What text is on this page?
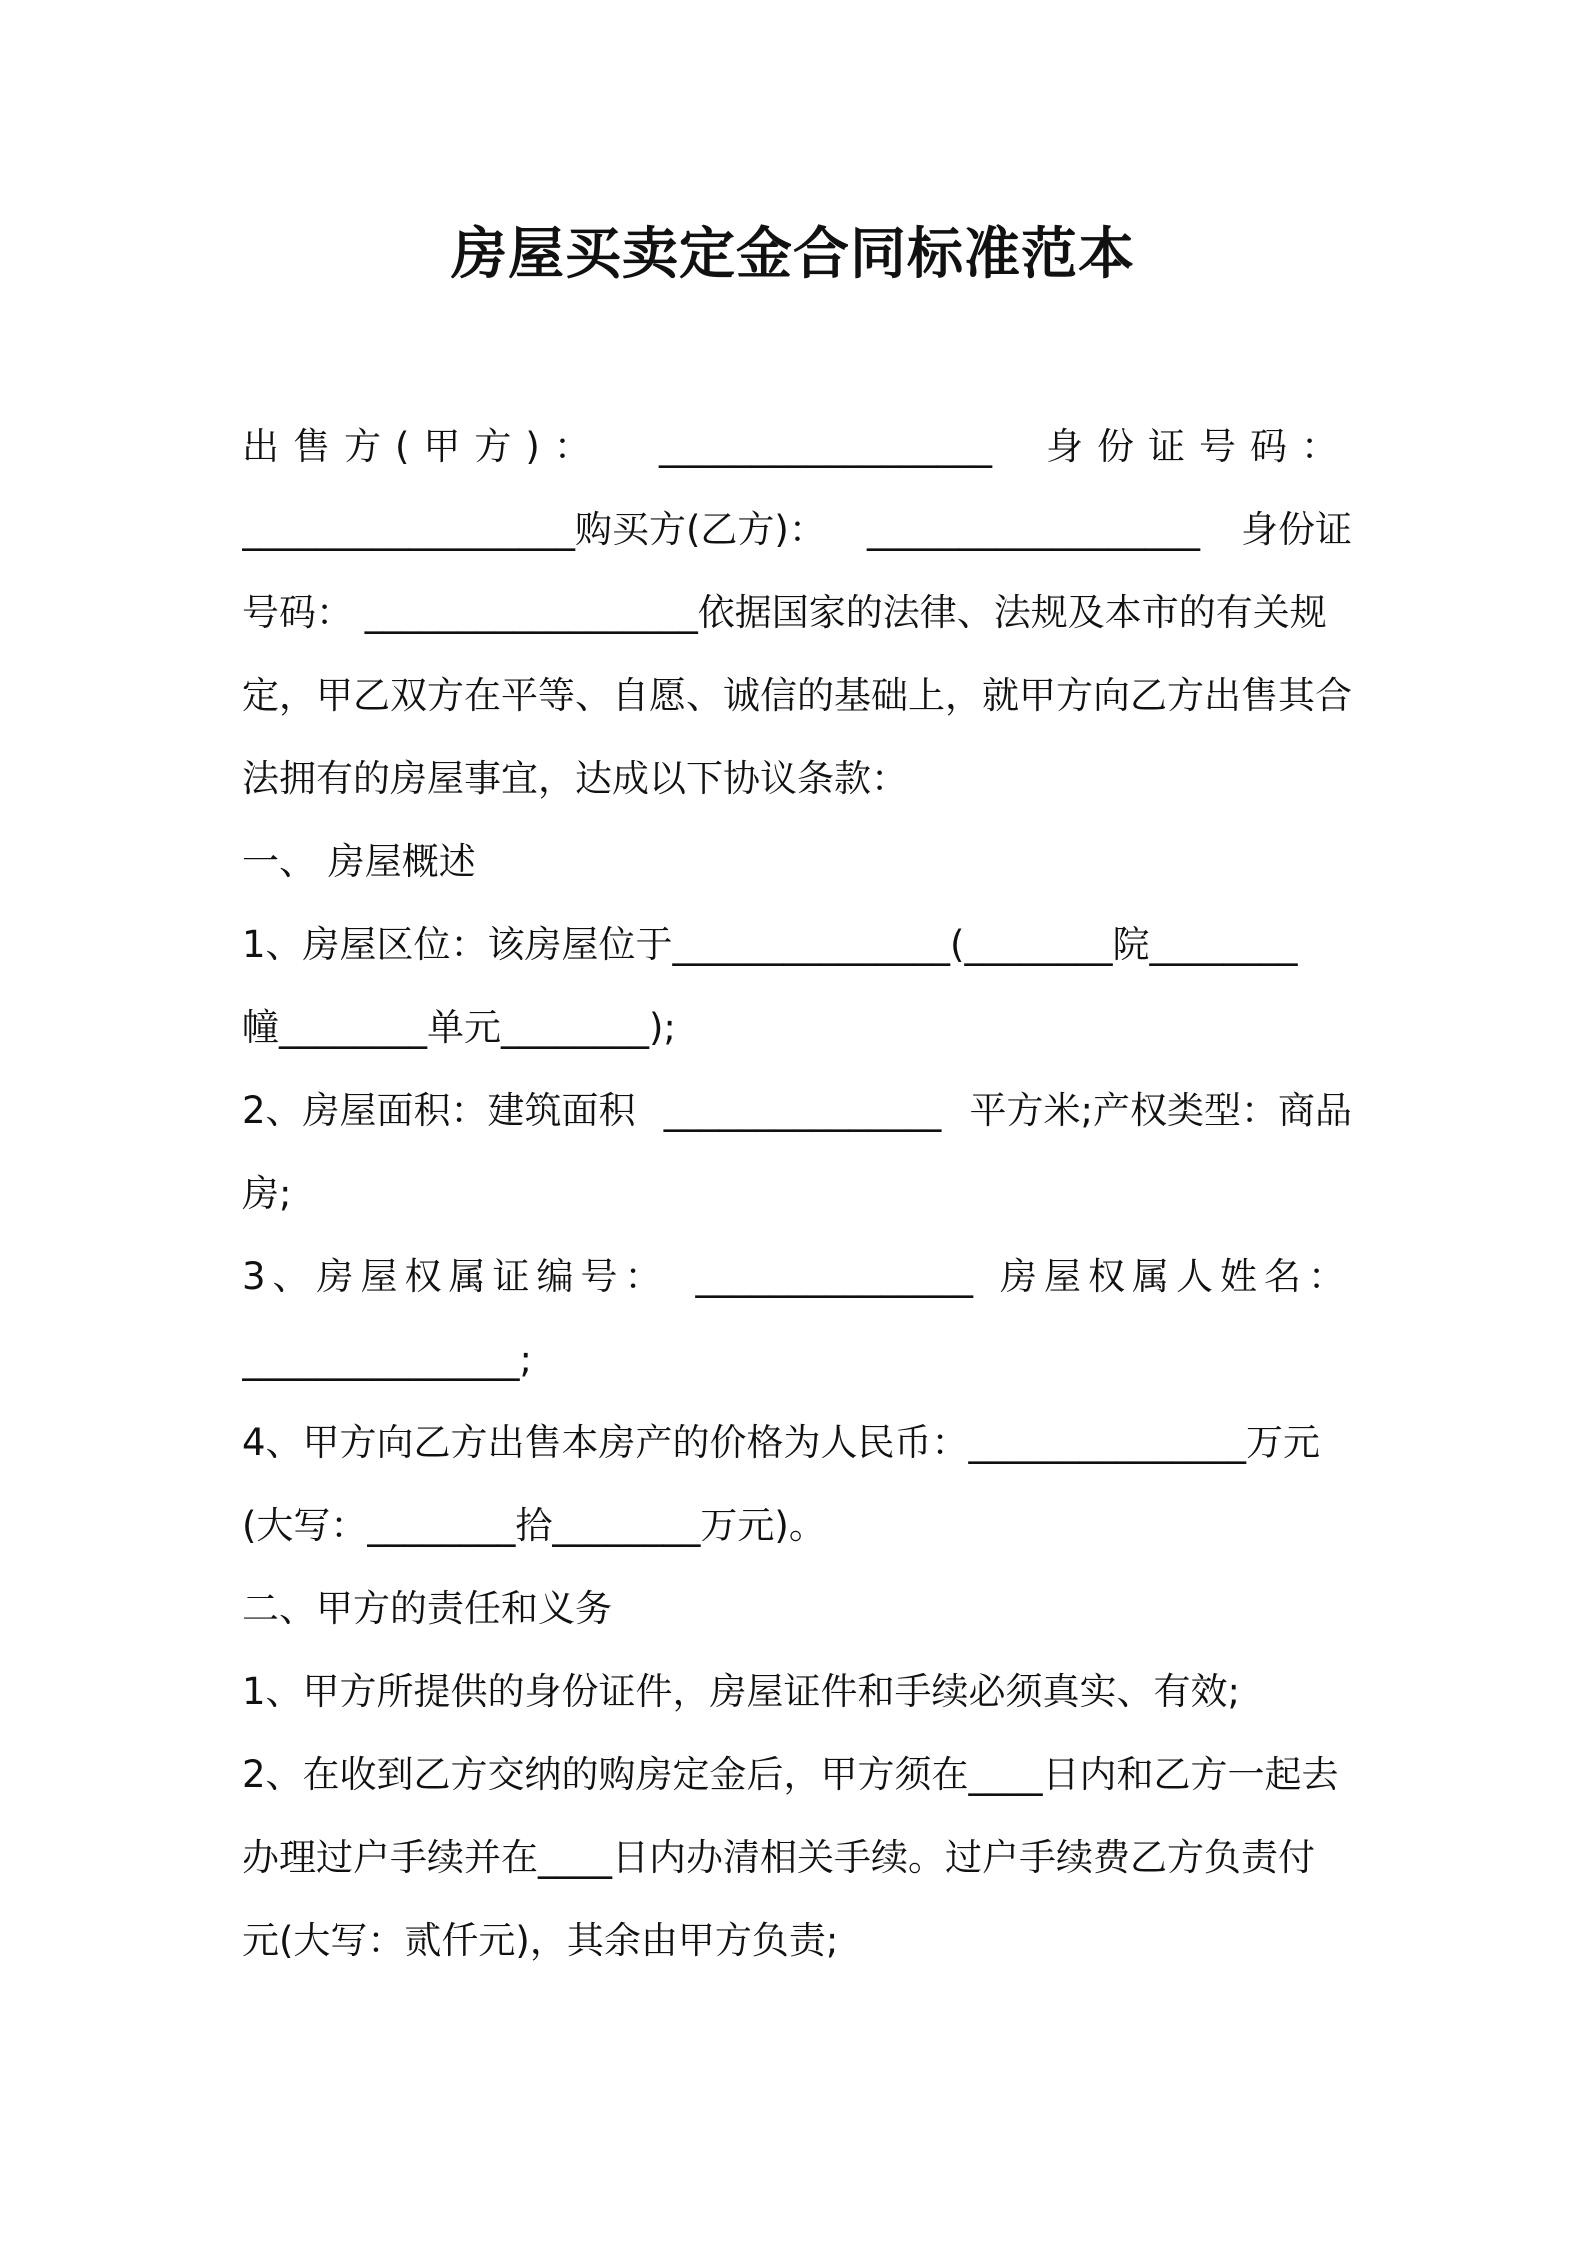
房屋买卖定金合同标准范本
出售方(甲方)： __________________ 身份证号码：
__________________购买方(乙方)： __________________ 身份证
号码： __________________依据国家的法律、法规及本市的有关规
定，甲乙双方在平等、自愿、诚信的基础上，就甲方向乙方出售其合
法拥有的房屋事宜，达成以下协议条款：
一、 房屋概述
1、房屋区位：该房屋位于_______________(________院________
幢________单元________);
2、房屋面积：建筑面积 _______________ 平方米;产权类型：商品
房;
3、房屋权属证编号： _______________ 房屋权属人姓名：
_______________;
4、甲方向乙方出售本房产的价格为人民币：_______________万元
(大写：________拾________万元)。
二、甲方的责任和义务
1、甲方所提供的身份证件，房屋证件和手续必须真实、有效;
2、在收到乙方交纳的购房定金后，甲方须在____日内和乙方一起去
办理过户手续并在____日内办清相关手续。过户手续费乙方负责付
元(大写：贰仟元)，其余由甲方负责;
